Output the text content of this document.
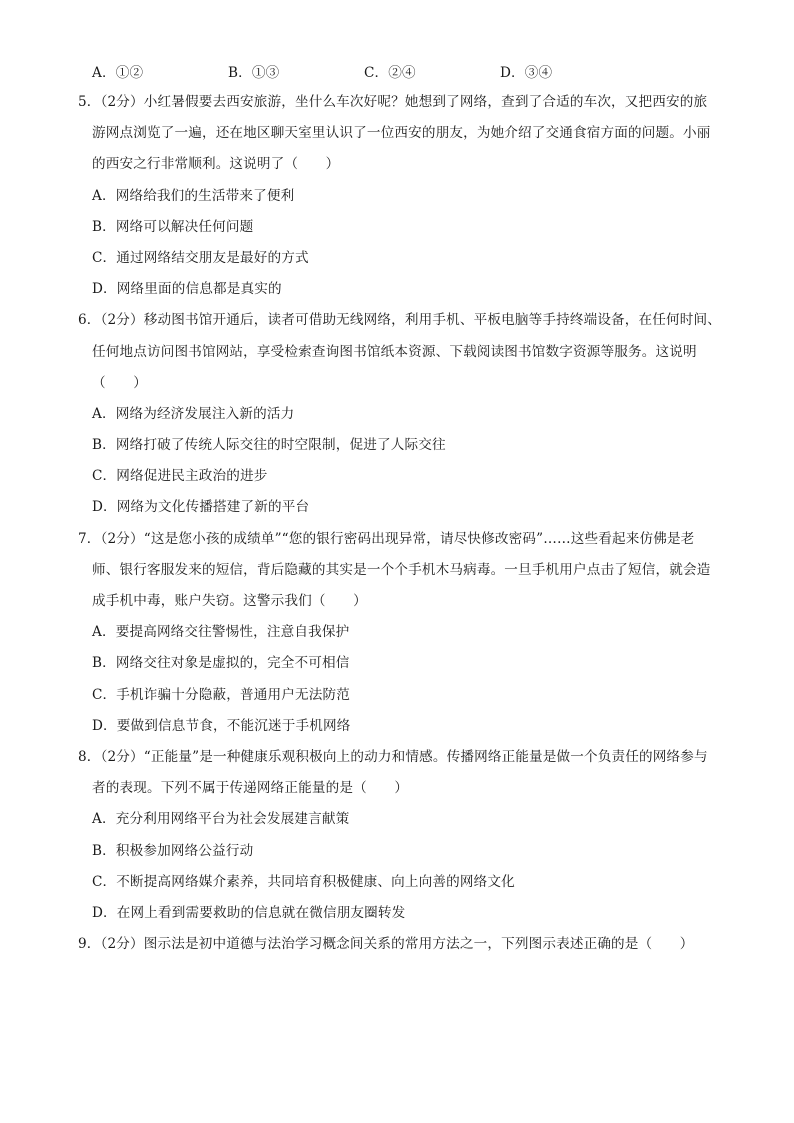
A．①②	B．①③	C．②④	D．③④
5．（2分）小红暑假要去西安旅游，坐什么车次好呢？她想到了网络，查到了合适的车次，又把西安的旅
游网点浏览了一遍，还在地区聊天室里认识了一位西安的朋友，为她介绍了交通食宿方面的问题。小丽
的西安之行非常顺利。这说明了（　　）
A．网络给我们的生活带来了便利
B．网络可以解决任何问题
C．通过网络结交朋友是最好的方式
D．网络里面的信息都是真实的
6．（2分）移动图书馆开通后，读者可借助无线网络，利用手机、平板电脑等手持终端设备，在任何时间、
任何地点访问图书馆网站，享受检索查询图书馆纸本资源、下载阅读图书馆数字资源等服务。这说明
（　　）
A．网络为经济发展注入新的活力
B．网络打破了传统人际交往的时空限制，促进了人际交往
C．网络促进民主政治的进步
D．网络为文化传播搭建了新的平台
7．（2分）“这是您小孩的成绩单”“您的银行密码出现异常，请尽快修改密码”……这些看起来仿佛是老
师、银行客服发来的短信，背后隐藏的其实是一个个手机木马病毒。一旦手机用户点击了短信，就会造
成手机中毒，账户失窃。这警示我们（　　）
A．要提高网络交往警惕性，注意自我保护
B．网络交往对象是虚拟的，完全不可相信
C．手机诈骗十分隐蔽，普通用户无法防范
D．要做到信息节食，不能沉迷于手机网络
8．（2分）“正能量”是一种健康乐观积极向上的动力和情感。传播网络正能量是做一个负责任的网络参与
者的表现。下列不属于传递网络正能量的是（　　）
A．充分利用网络平台为社会发展建言献策
B．积极参加网络公益行动
C．不断提高网络媒介素养，共同培育积极健康、向上向善的网络文化
D．在网上看到需要救助的信息就在微信朋友圈转发
9．（2分）图示法是初中道德与法治学习概念间关系的常用方法之一，下列图示表述正确的是（　　）
